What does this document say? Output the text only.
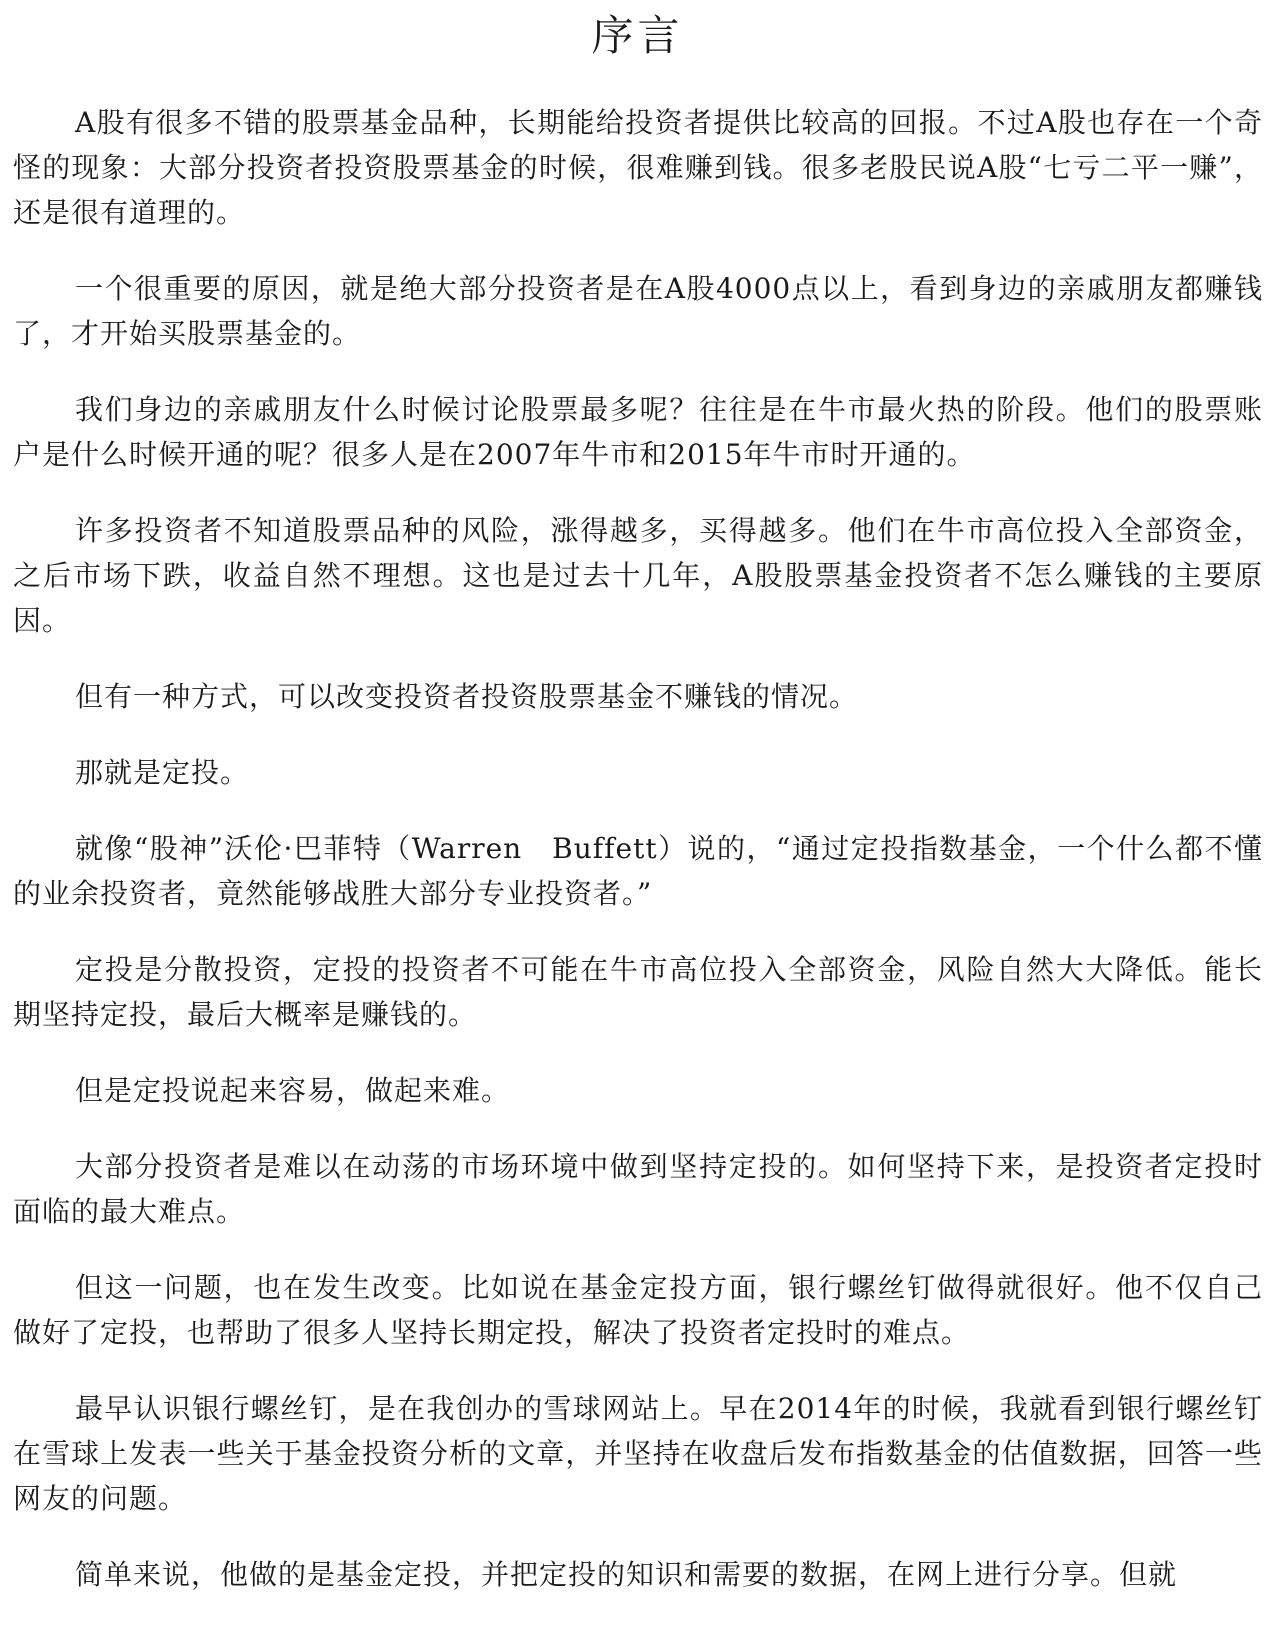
序言

A股有很多不错的股票基金品种，长期能给投资者提供比较高的回报。不过A股也存在一个奇怪的现象：大部分投资者投资股票基金的时候，很难赚到钱。很多老股民说A股“七亏二平一赚”，还是很有道理的。

一个很重要的原因，就是绝大部分投资者是在A股4000点以上，看到身边的亲戚朋友都赚钱了，才开始买股票基金的。

我们身边的亲戚朋友什么时候讨论股票最多呢？往往是在牛市最火热的阶段。他们的股票账户是什么时候开通的呢？很多人是在2007年牛市和2015年牛市时开通的。

许多投资者不知道股票品种的风险，涨得越多，买得越多。他们在牛市高位投入全部资金，之后市场下跌，收益自然不理想。这也是过去十几年，A股股票基金投资者不怎么赚钱的主要原因。

但有一种方式，可以改变投资者投资股票基金不赚钱的情况。

那就是定投。

就像“股神”沃伦·巴菲特（Warren　Buffett）说的，“通过定投指数基金，一个什么都不懂的业余投资者，竟然能够战胜大部分专业投资者。”

定投是分散投资，定投的投资者不可能在牛市高位投入全部资金，风险自然大大降低。能长期坚持定投，最后大概率是赚钱的。

但是定投说起来容易，做起来难。

大部分投资者是难以在动荡的市场环境中做到坚持定投的。如何坚持下来，是投资者定投时面临的最大难点。

但这一问题，也在发生改变。比如说在基金定投方面，银行螺丝钉做得就很好。他不仅自己做好了定投，也帮助了很多人坚持长期定投，解决了投资者定投时的难点。

最早认识银行螺丝钉，是在我创办的雪球网站上。早在2014年的时候，我就看到银行螺丝钉在雪球上发表一些关于基金投资分析的文章，并坚持在收盘后发布指数基金的估值数据，回答一些网友的问题。

简单来说，他做的是基金定投，并把定投的知识和需要的数据，在网上进行分享。但就
